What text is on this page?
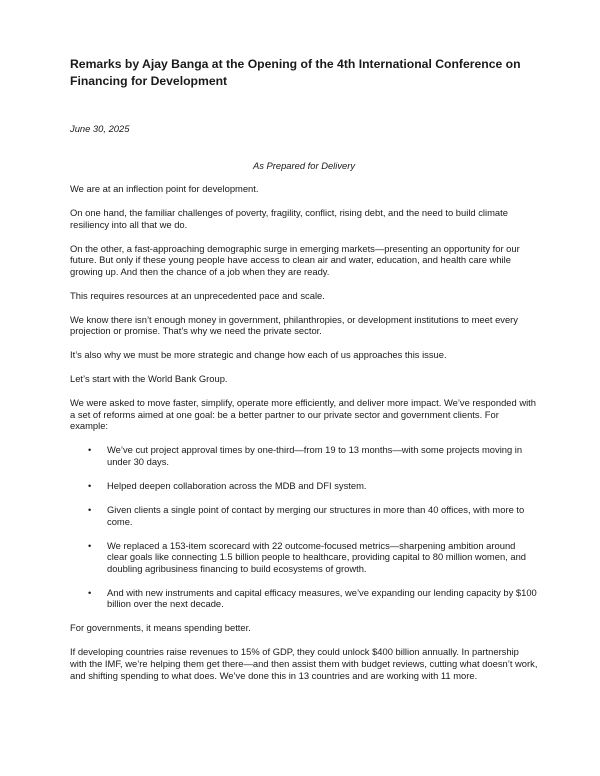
Remarks by Ajay Banga at the Opening of the 4th International Conference on Financing for Development

June 30, 2025

As Prepared for Delivery

We are at an inflection point for development.

On one hand, the familiar challenges of poverty, fragility, conflict, rising debt, and the need to build climate resiliency into all that we do.

On the other, a fast-approaching demographic surge in emerging markets—presenting an opportunity for our future. But only if these young people have access to clean air and water, education, and health care while growing up. And then the chance of a job when they are ready.

This requires resources at an unprecedented pace and scale.

We know there isn’t enough money in government, philanthropies, or development institutions to meet every projection or promise. That’s why we need the private sector.

It’s also why we must be more strategic and change how each of us approaches this issue.

Let’s start with the World Bank Group.

We were asked to move faster, simplify, operate more efficiently, and deliver more impact. We’ve responded with a set of reforms aimed at one goal: be a better partner to our private sector and government clients. For example:

• We’ve cut project approval times by one-third—from 19 to 13 months—with some projects moving in under 30 days.
• Helped deepen collaboration across the MDB and DFI system.
• Given clients a single point of contact by merging our structures in more than 40 offices, with more to come.
• We replaced a 153-item scorecard with 22 outcome-focused metrics—sharpening ambition around clear goals like connecting 1.5 billion people to healthcare, providing capital to 80 million women, and doubling agribusiness financing to build ecosystems of growth.
• And with new instruments and capital efficacy measures, we’ve expanding our lending capacity by $100 billion over the next decade.

For governments, it means spending better.

If developing countries raise revenues to 15% of GDP, they could unlock $400 billion annually. In partnership with the IMF, we’re helping them get there—and then assist them with budget reviews, cutting what doesn’t work, and shifting spending to what does. We’ve done this in 13 countries and are working with 11 more.
